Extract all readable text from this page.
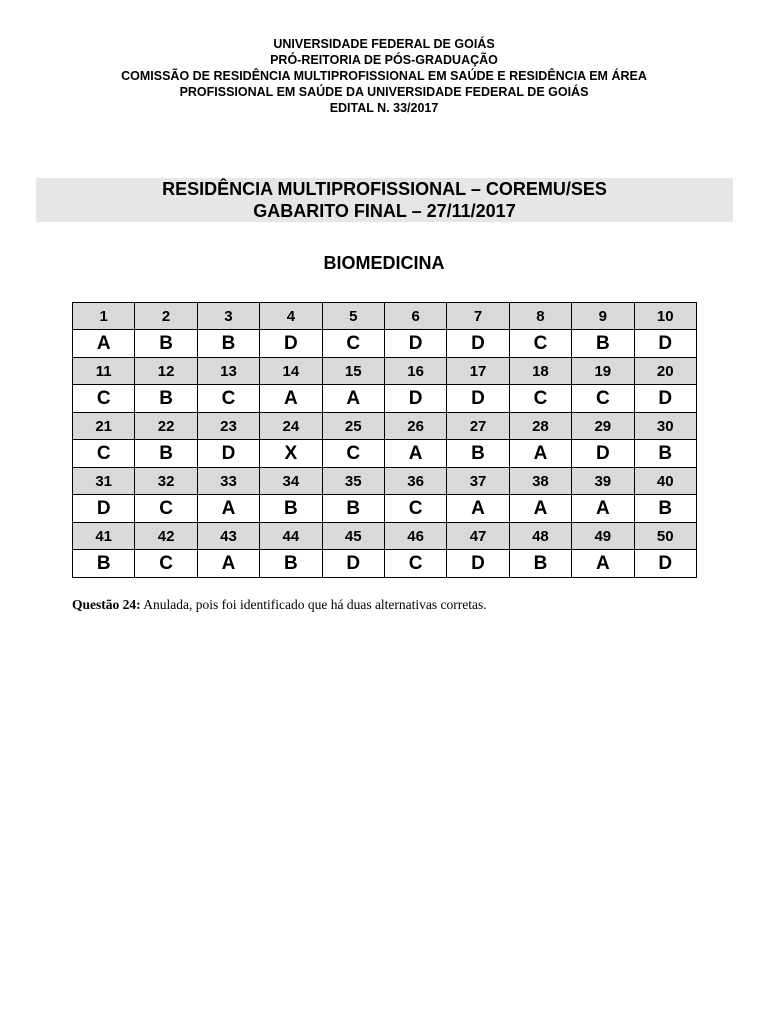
UNIVERSIDADE FEDERAL DE GOIÁS
PRÓ-REITORIA DE PÓS-GRADUAÇÃO
COMISSÃO DE RESIDÊNCIA MULTIPROFISSIONAL EM SAÚDE E RESIDÊNCIA EM ÁREA
PROFISSIONAL EM SAÚDE DA UNIVERSIDADE FEDERAL DE GOIÁS
EDITAL N. 33/2017
RESIDÊNCIA MULTIPROFISSIONAL – COREMU/SES
GABARITO FINAL – 27/11/2017
BIOMEDICINA
1	2	3	4	5	6	7	8	9	10
A	B	B	D	C	D	D	C	B	D
11	12	13	14	15	16	17	18	19	20
C	B	C	A	A	D	D	C	C	D
21	22	23	24	25	26	27	28	29	30
C	B	D	X	C	A	B	A	D	B
31	32	33	34	35	36	37	38	39	40
D	C	A	B	B	C	A	A	A	B
41	42	43	44	45	46	47	48	49	50
B	C	A	B	D	C	D	B	A	D
Questão 24: Anulada, pois foi identificado que há duas alternativas corretas.
